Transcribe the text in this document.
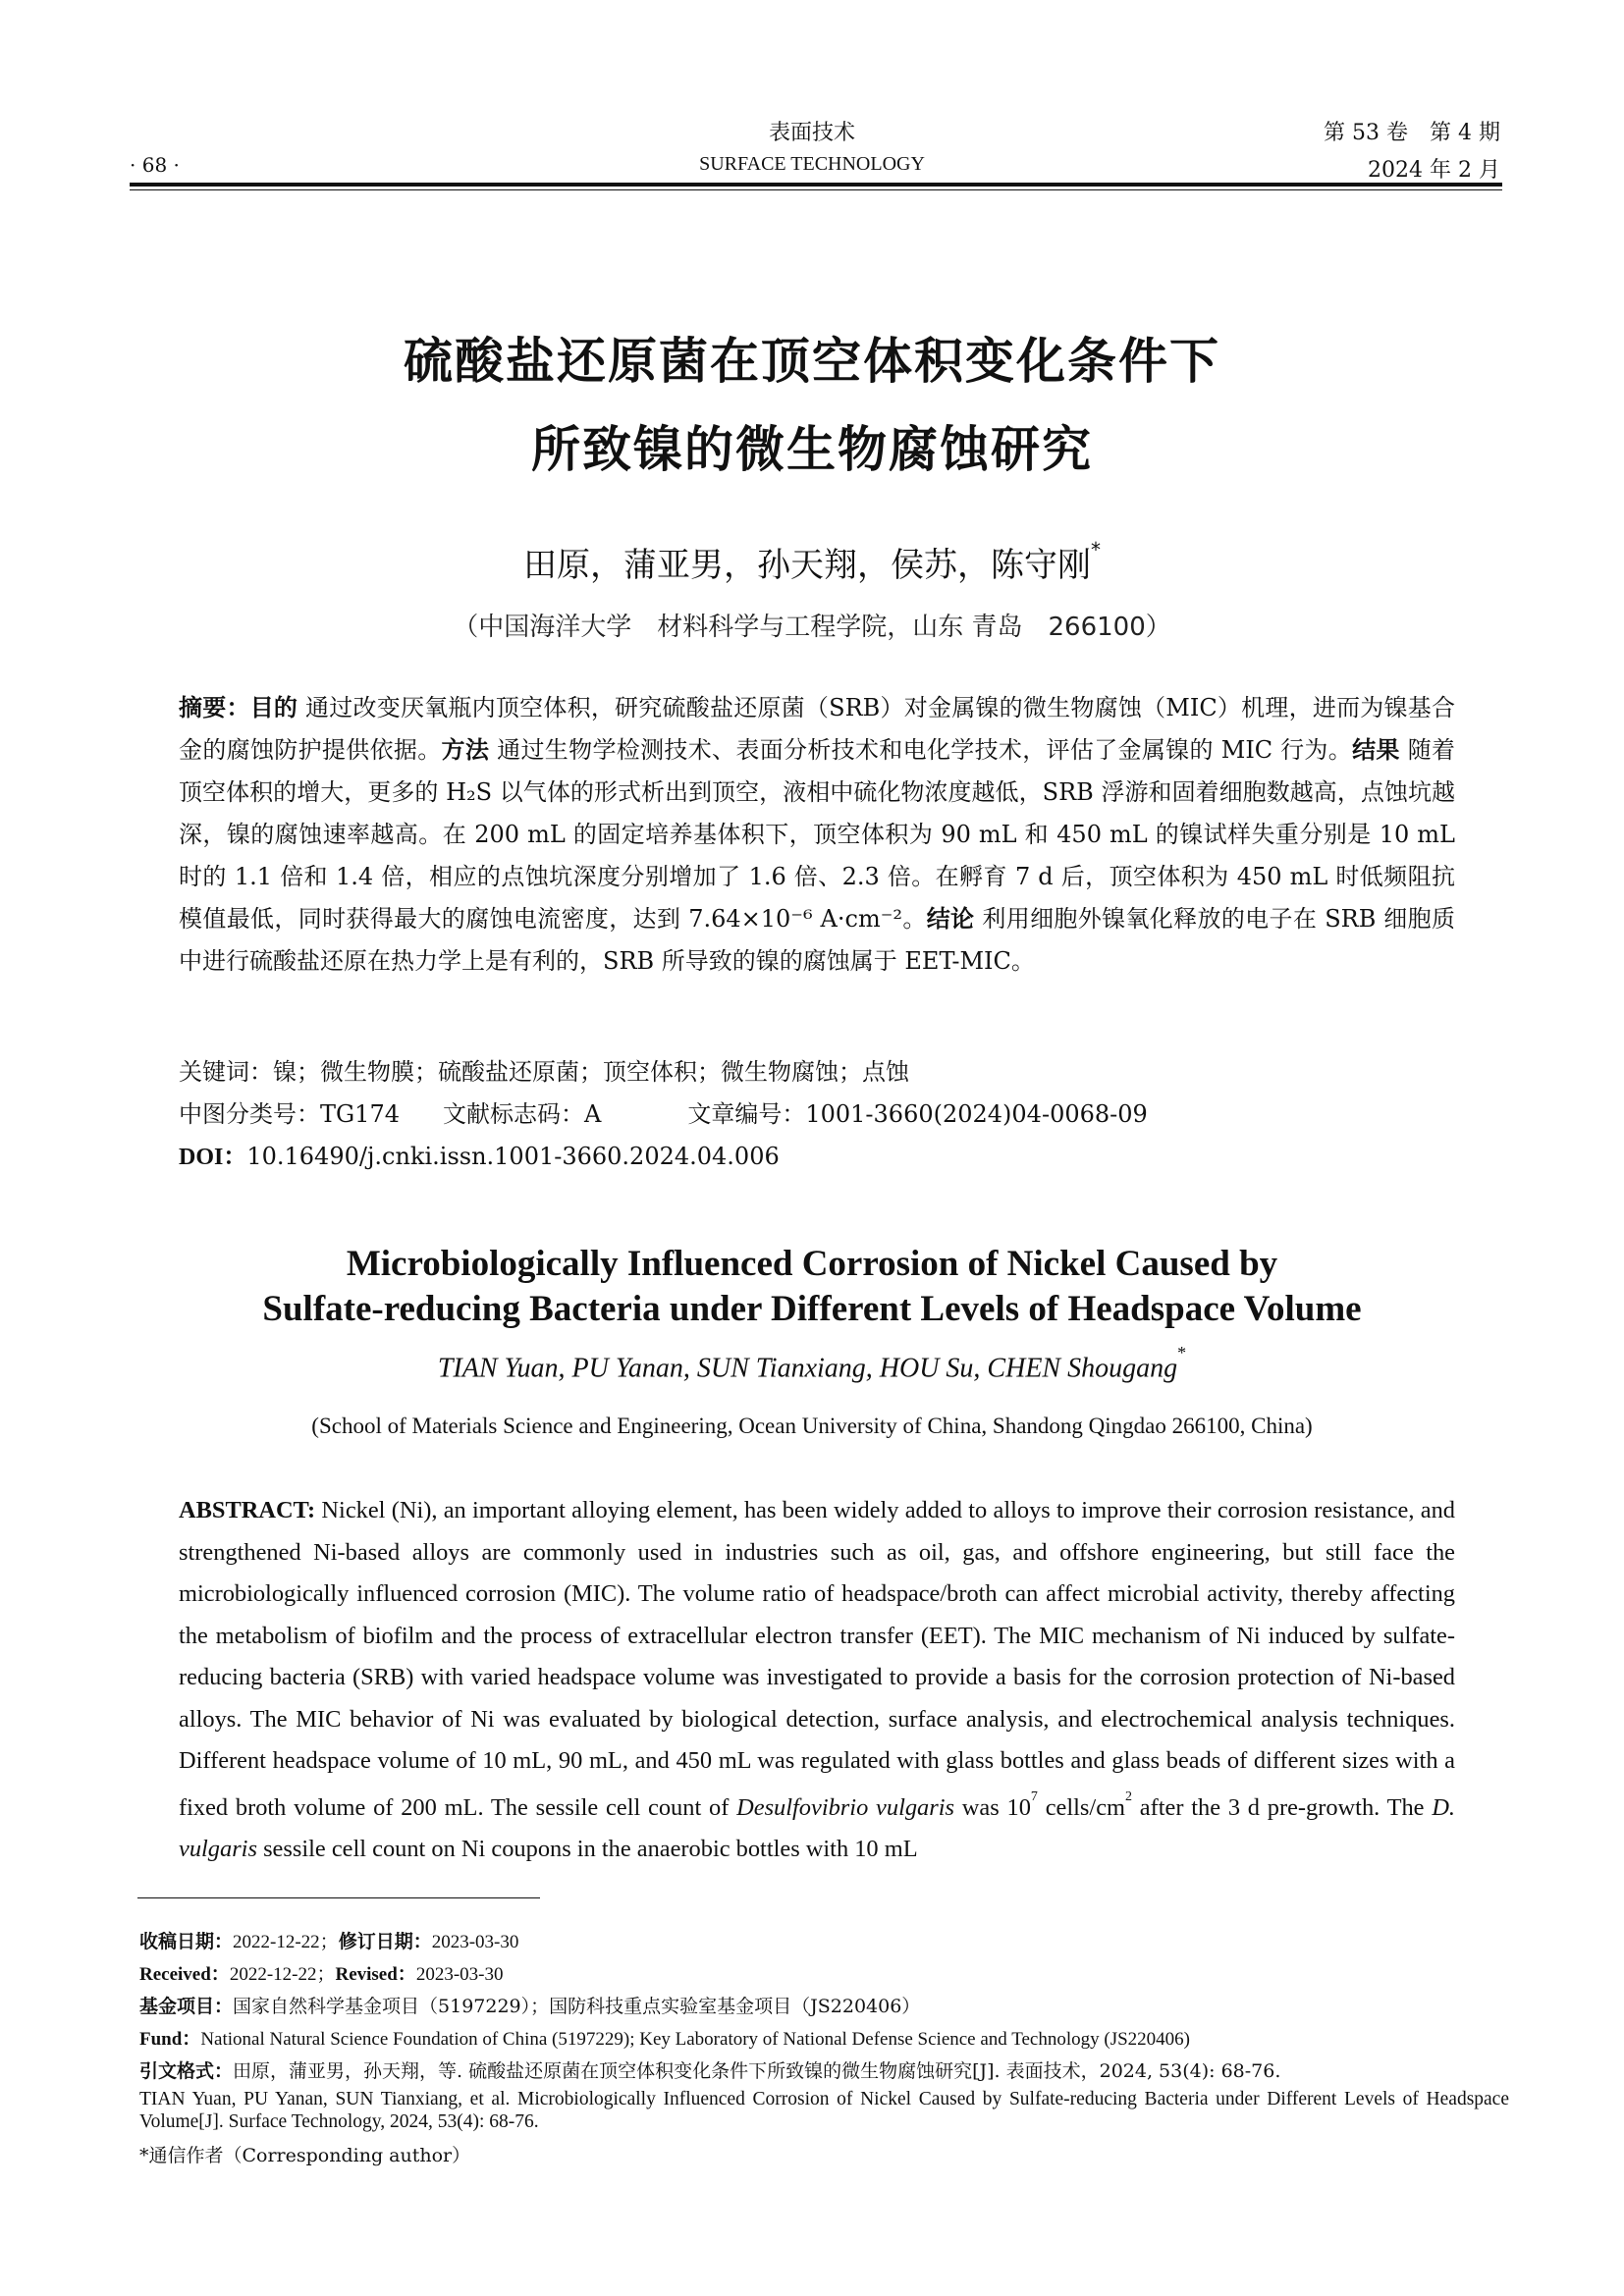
表面技术
SURFACE TECHNOLOGY
· 68 ·
第 53 卷　第 4 期
2024 年 2 月
硫酸盐还原菌在顶空体积变化条件下
所致镍的微生物腐蚀研究
田原，蒲亚男，孙天翔，侯苏，陈守刚*
（中国海洋大学　材料科学与工程学院，山东 青岛　266100）
摘要：目的 通过改变厌氧瓶内顶空体积，研究硫酸盐还原菌（SRB）对金属镍的微生物腐蚀（MIC）机理，进而为镍基合金的腐蚀防护提供依据。方法 通过生物学检测技术、表面分析技术和电化学技术，评估了金属镍的 MIC 行为。结果 随着顶空体积的增大，更多的 H₂S 以气体的形式析出到顶空，液相中硫化物浓度越低，SRB 浮游和固着细胞数越高，点蚀坑越深，镍的腐蚀速率越高。在 200 mL 的固定培养基体积下，顶空体积为 90 mL 和 450 mL 的镍试样失重分别是 10 mL 时的 1.1 倍和 1.4 倍，相应的点蚀坑深度分别增加了 1.6 倍、2.3 倍。在孵育 7 d 后，顶空体积为 450 mL 时低频阻抗模值最低，同时获得最大的腐蚀电流密度，达到 7.64×10⁻⁶ A·cm⁻²。结论 利用细胞外镍氧化释放的电子在 SRB 细胞质中进行硫酸盐还原在热力学上是有利的，SRB 所导致的镍的腐蚀属于 EET-MIC。
关键词：镍；微生物膜；硫酸盐还原菌；顶空体积；微生物腐蚀；点蚀
中图分类号：TG174 文献标志码：A	文章编号：1001-3660(2024)04-0068-09
DOI：10.16490/j.cnki.issn.1001-3660.2024.04.006
Microbiologically Influenced Corrosion of Nickel Caused by
Sulfate-reducing Bacteria under Different Levels of Headspace Volume
TIAN Yuan, PU Yanan, SUN Tianxiang, HOU Su, CHEN Shougang*
(School of Materials Science and Engineering, Ocean University of China, Shandong Qingdao 266100, China)
ABSTRACT: Nickel (Ni), an important alloying element, has been widely added to alloys to improve their corrosion resistance, and strengthened Ni-based alloys are commonly used in industries such as oil, gas, and offshore engineering, but still face the microbiologically influenced corrosion (MIC). The volume ratio of headspace/broth can affect microbial activity, thereby affecting the metabolism of biofilm and the process of extracellular electron transfer (EET). The MIC mechanism of Ni induced by sulfate-reducing bacteria (SRB) with varied headspace volume was investigated to provide a basis for the corrosion protection of Ni-based alloys. The MIC behavior of Ni was evaluated by biological detection, surface analysis, and electrochemical analysis techniques. Different headspace volume of 10 mL, 90 mL, and 450 mL was regulated with glass bottles and glass beads of different sizes with a fixed broth volume of 200 mL. The sessile cell count of Desulfovibrio vulgaris was $10^7$ cells/$cm^2$ after the 3 d pre-growth. The D. vulgaris sessile cell count on Ni coupons in the anaerobic bottles with 10 mL
收稿日期：2022-12-22；修订日期：2023-03-30
Received：2022-12-22；Revised：2023-03-30
基金项目：国家自然科学基金项目（5197229）；国防科技重点实验室基金项目（JS220406）
Fund：National Natural Science Foundation of China (5197229); Key Laboratory of National Defense Science and Technology (JS220406)
引文格式：田原，蒲亚男，孙天翔，等. 硫酸盐还原菌在顶空体积变化条件下所致镍的微生物腐蚀研究[J]. 表面技术，2024, 53(4): 68-76.
TIAN Yuan, PU Yanan, SUN Tianxiang, et al. Microbiologically Influenced Corrosion of Nickel Caused by Sulfate-reducing Bacteria under Different Levels of Headspace Volume[J]. Surface Technology, 2024, 53(4): 68-76.
*通信作者（Corresponding author）
